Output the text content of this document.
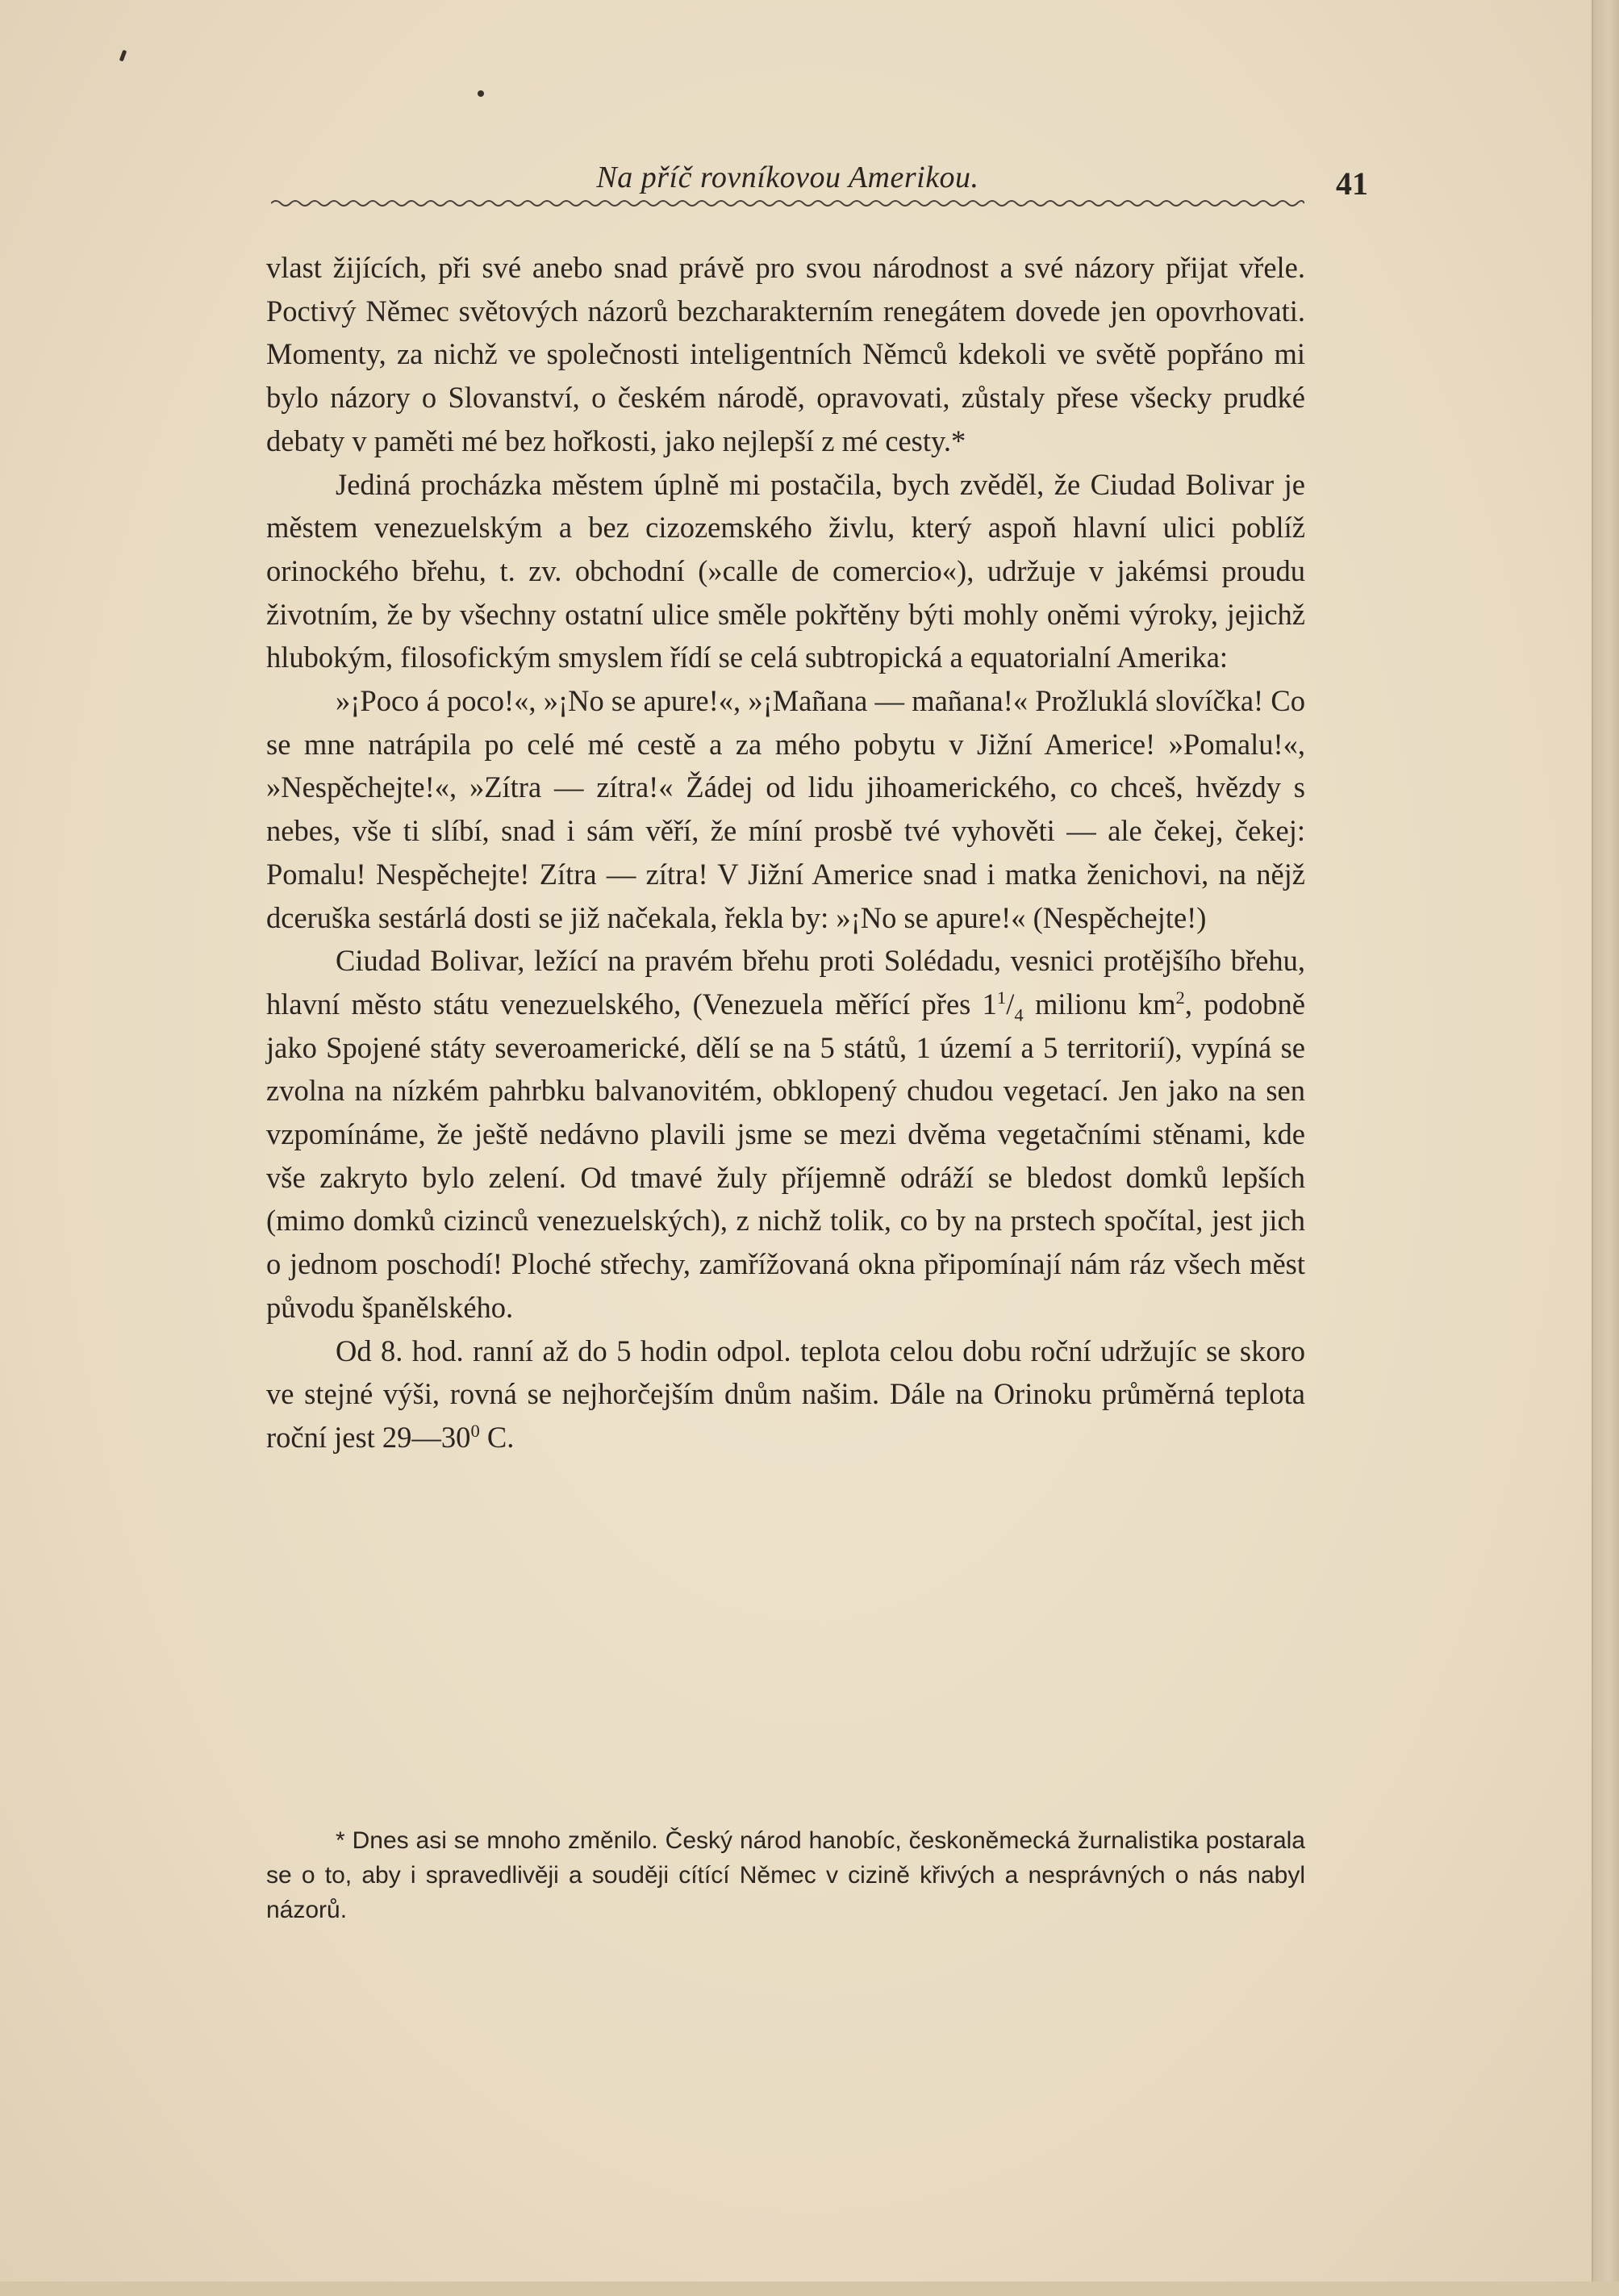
Na příč rovníkovou Amerikou.	41

vlast žijících, při své anebo snad právě pro svou národnost a své názory přijat vřele. Poctivý Němec světových názorů bezcharakterním renegátem dovede jen opovrhovati. Momenty, za nichž ve společnosti inteligentních Němců kdekoli ve světě popřáno mi bylo názory o Slovanství, o českém národě, opravovati, zůstaly přese všecky prudké debaty v paměti mé bez hořkosti, jako nejlepší z mé cesty.*

Jediná procházka městem úplně mi postačila, bych zvěděl, že Ciudad Bolivar je městem venezuelským a bez cizozemského živlu, který aspoň hlavní ulici poblíž orinockého břehu, t. zv. obchodní (»calle de comercio«), udržuje v jakémsi proudu životním, že by všechny ostatní ulice směle pokřtěny býti mohly oněmi výroky, jejichž hlubokým, filosofickým smyslem řídí se celá subtropická a equatorialní Amerika:

»¡Poco á poco!«, »¡No se apure!«, »¡Mañana — mañana!« Prožluklá slovíčka! Co se mne natrápila po celé mé cestě a za mého pobytu v Jižní Americe! »Pomalu!«, »Nespěchejte!«, »Zítra — zítra!« Žádej od lidu jihoamerického, co chceš, hvězdy s nebes, vše ti slíbí, snad i sám věří, že míní prosbě tvé vyhověti — ale čekej, čekej: Pomalu! Nespěchejte! Zítra — zítra! V Jižní Americe snad i matka ženichovi, na nějž dceruška sestárlá dosti se již načekala, řekla by: »¡No se apure!« (Nespěchejte!)

Ciudad Bolivar, ležící na pravém břehu proti Solédadu, vesnici protějšího břehu, hlavní město státu venezuelského, (Venezuela měřící přes $1^1/_4$ milionu $km^2$, podobně jako Spojené státy severoamerické, dělí se na 5 států, 1 území a 5 territorií), vypíná se zvolna na nízkém pahrbku balvanovitém, obklopený chudou vegetací. Jen jako na sen vzpomínáme, že ještě nedávno plavili jsme se mezi dvěma vegetačními stěnami, kde vše zakryto bylo zelení. Od tmavé žuly příjemně odráží se bledost domků lepších (mimo domků cizinců venezuelských), z nichž tolik, co by na prstech spočítal, jest jich o jednom poschodí! Ploché střechy, zamřížovaná okna připomínají nám ráz všech měst původu španělského.

Od 8. hod. ranní až do 5 hodin odpol. teplota celou dobu roční udržujíc se skoro ve stejné výši, rovná se nejhorčejším dnům našim. Dále na Orinoku průměrná teplota roční jest $29—30^0$ C.

* Dnes asi se mnoho změnilo. Český národ hanobíc, českoněmecká žurnalistika postarala se o to, aby i spravedlivěji a souději cítící Němec v cizině křivých a nesprávných o nás nabyl názorů.
